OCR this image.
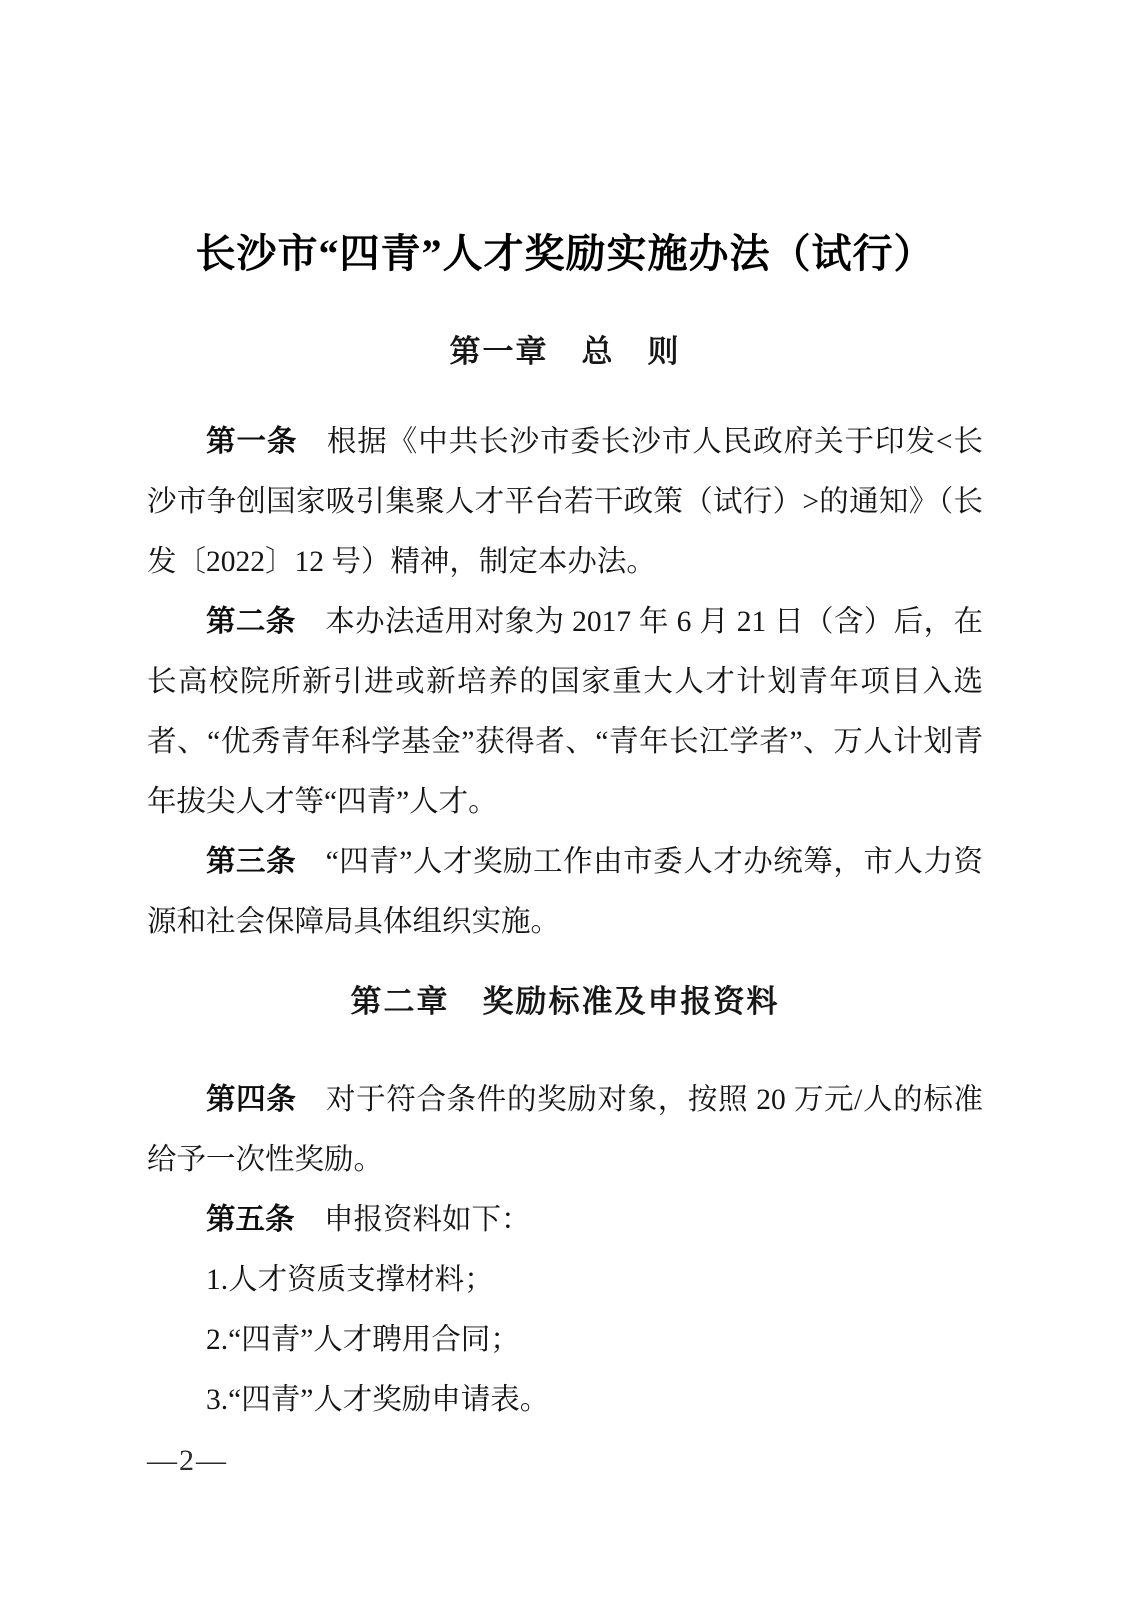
长沙市“四青”人才奖励实施办法（试行）
第一章　总　则

第一条 根据《中共长沙市委长沙市人民政府关于印发<长沙市争创国家吸引集聚人才平台若干政策（试行）>的通知》（长发〔2022〕12 号）精神，制定本办法。

第二条 本办法适用对象为 2017 年 6 月 21 日（含）后，在长高校院所新引进或新培养的国家重大人才计划青年项目入选者、“优秀青年科学基金”获得者、“青年长江学者”、万人计划青年拔尖人才等“四青”人才。

第三条 “四青”人才奖励工作由市委人才办统筹，市人力资源和社会保障局具体组织实施。

第二章　奖励标准及申报资料

第四条 对于符合条件的奖励对象，按照 20 万元/人的标准给予一次性奖励。

第五条 申报资料如下：

1.人才资质支撑材料；

2.“四青”人才聘用合同；

3.“四青”人才奖励申请表。

—2—
